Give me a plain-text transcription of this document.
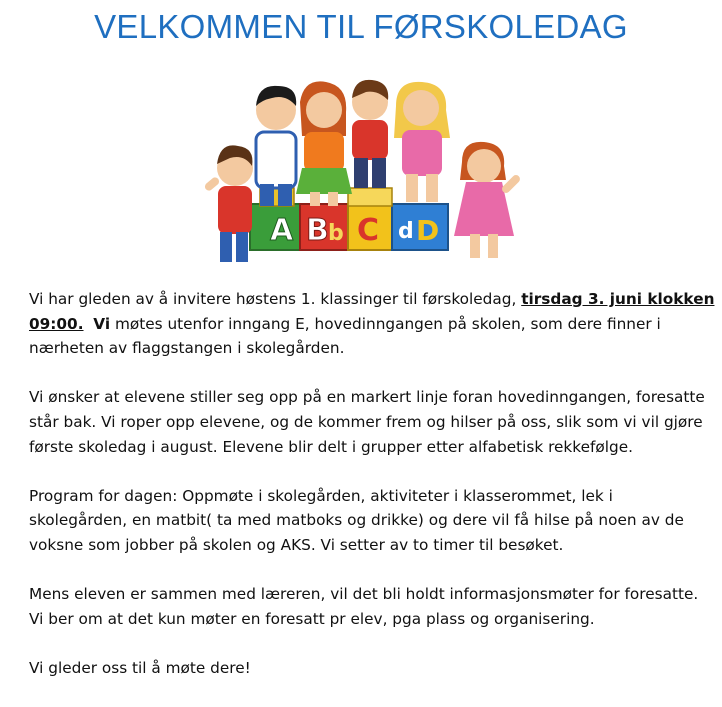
VELKOMMEN TIL FØRSKOLEDAG
A B b C d D

Vi har gleden av å invitere høstens 1. klassinger til førskoledag, tirsdag 3. juni klokken
09:00. Vi møtes utenfor inngang E, hovedinngangen på skolen, som dere finner i
nærheten av flaggstangen i skolegården.

Vi ønsker at elevene stiller seg opp på en markert linje foran hovedinngangen, foresatte
står bak. Vi roper opp elevene, og de kommer frem og hilser på oss, slik som vi vil gjøre
første skoledag i august. Elevene blir delt i grupper etter alfabetisk rekkefølge.

Program for dagen: Oppmøte i skolegården, aktiviteter i klasserommet, lek i
skolegården, en matbit( ta med matboks og drikke) og dere vil få hilse på noen av de
voksne som jobber på skolen og AKS. Vi setter av to timer til besøket.

Mens eleven er sammen med læreren, vil det bli holdt informasjonsmøter for foresatte.
Vi ber om at det kun møter en foresatt pr elev, pga plass og organisering.

Vi gleder oss til å møte dere!
